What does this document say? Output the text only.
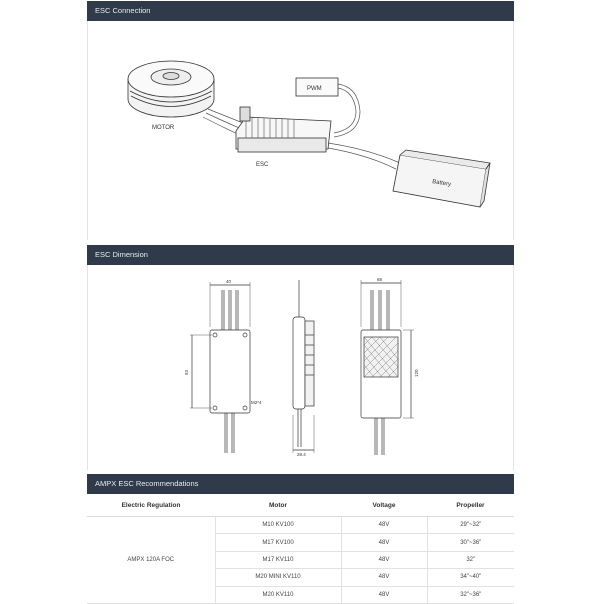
ESC Connection
MOTOR
ESC
PWM
Battery
ESC Dimension
40
93
M2*4
28.4
68
120
AMPX ESC Recommendations
Electric Regulation	Motor	Voltage	Propeller
AMPX 120A FOC	M10 KV100	48V	29"~32"
	M17 KV100	48V	30"~36"
	M17 KV110	48V	32"
	M20 MINI KV110	48V	34"~40"
	M20 KV110	48V	32"~36"
